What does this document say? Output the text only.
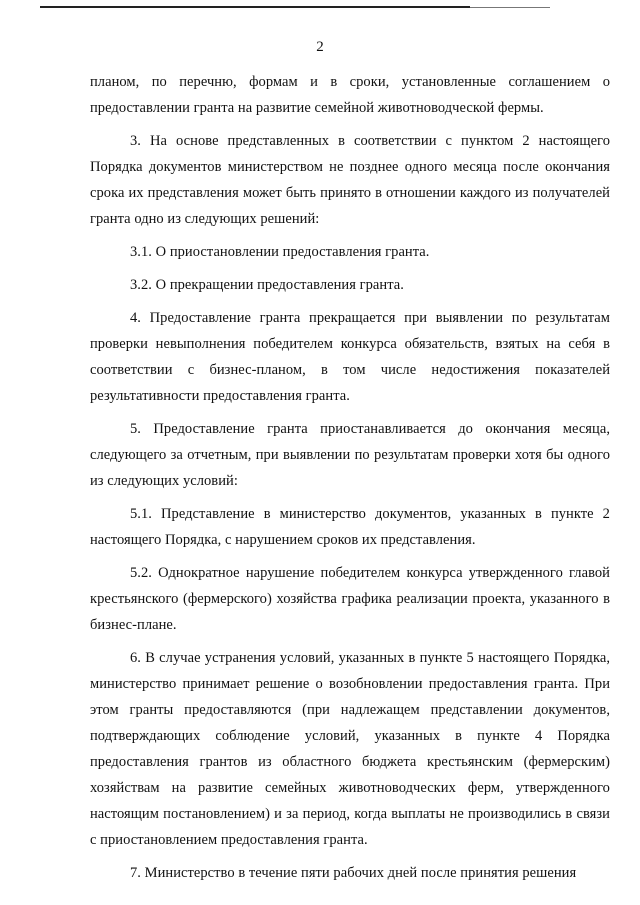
2

планом, по перечню, формам и в сроки, установленные соглашением о предоставлении гранта на развитие семейной животноводческой фермы.

3. На основе представленных в соответствии с пунктом 2 настоящего Порядка документов министерством не позднее одного месяца после окончания срока их представления может быть принято в отношении каждого из получателей гранта одно из следующих решений:

3.1. О приостановлении предоставления гранта.

3.2. О прекращении предоставления гранта.

4. Предоставление гранта прекращается при выявлении по результатам проверки невыполнения победителем конкурса обязательств, взятых на себя в соответствии с бизнес-планом, в том числе недостижения показателей результативности предоставления гранта.

5. Предоставление гранта приостанавливается до окончания месяца, следующего за отчетным, при выявлении по результатам проверки хотя бы одного из следующих условий:

5.1. Представление в министерство документов, указанных в пункте 2 настоящего Порядка, с нарушением сроков их представления.

5.2. Однократное нарушение победителем конкурса утвержденного главой крестьянского (фермерского) хозяйства графика реализации проекта, указанного в бизнес-плане.

6. В случае устранения условий, указанных в пункте 5 настоящего Порядка, министерство принимает решение о возобновлении предоставления гранта. При этом гранты предоставляются (при надлежащем представлении документов, подтверждающих соблюдение условий, указанных в пункте 4 Порядка предоставления грантов из областного бюджета крестьянским (фермерским) хозяйствам на развитие семейных животноводческих ферм, утвержденного настоящим постановлением) и за период, когда выплаты не производились в связи с приостановлением предоставления гранта.

7. Министерство в течение пяти рабочих дней после принятия решения
